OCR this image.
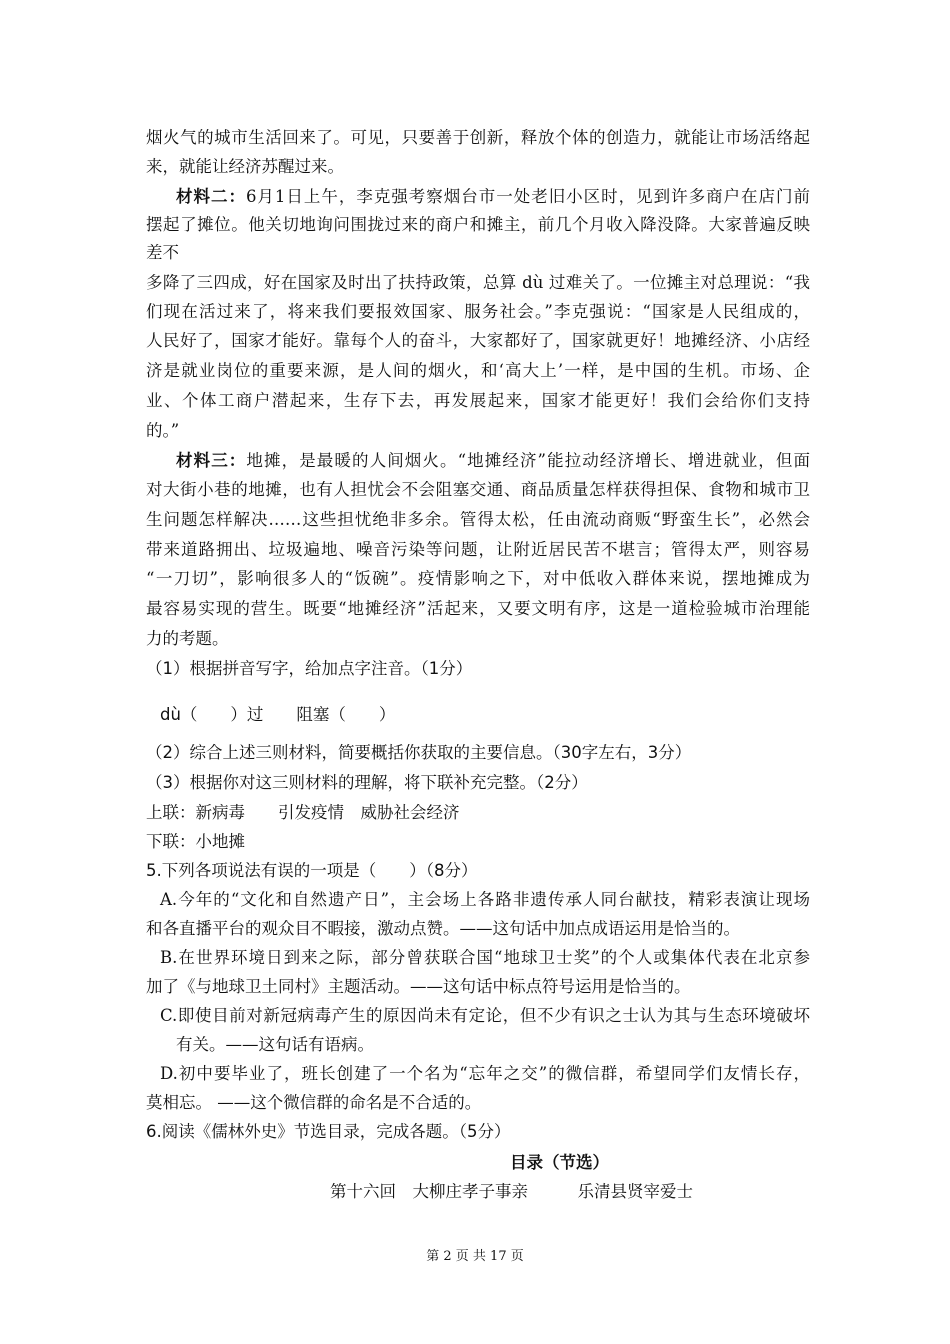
烟火气的城市生活回来了。可见，只要善于创新，释放个体的创造力，就能让市场活络起
来，就能让经济苏醒过来。
材料二：6月1日上午，李克强考察烟台市一处老旧小区时，见到许多商户在店门前
摆起了摊位。他关切地询问围拢过来的商户和摊主，前几个月收入降没降。大家普遍反映
差不
多降了三四成，好在国家及时出了扶持政策，总算 dù 过难关了。一位摊主对总理说：“我
们现在活过来了，将来我们要报效国家、服务社会。”李克强说：“国家是人民组成的，
人民好了，国家才能好。靠每个人的奋斗，大家都好了，国家就更好！地摊经济、小店经
济是就业岗位的重要来源，是人间的烟火，和‘高大上’一样，是中国的生机。市场、企
业、个体工商户潜起来，生存下去，再发展起来，国家才能更好！我们会给你们支持
的。”
材料三：地摊，是最暖的人间烟火。“地摊经济”能拉动经济增长、增进就业，但面
对大街小巷的地摊，也有人担忧会不会阻塞交通、商品质量怎样获得担保、食物和城市卫
生问题怎样解决……这些担忧绝非多余。管得太松，任由流动商贩“野蛮生长”，必然会
带来道路拥出、垃圾遍地、噪音污染等问题，让附近居民苦不堪言；管得太严，则容易
“一刀切”，影响很多人的“饭碗”。疫情影响之下，对中低收入群体来说，摆地摊成为
最容易实现的营生。既要“地摊经济”活起来，又要文明有序，这是一道检验城市治理能
力的考题。
（1）根据拼音写字，给加点字注音。（1分）
dù（　　）过　　阻塞（　　）
（2）综合上述三则材料，简要概括你获取的主要信息。（30字左右，3分）
（3）根据你对这三则材料的理解，将下联补充完整。（2分）
上联：新病毒　　引发疫情　威胁社会经济
下联：小地摊
5.下列各项说法有误的一项是（　　）（8分）
A.今年的“文化和自然遗产日”，主会场上各路非遗传承人同台献技，精彩表演让现场
和各直播平台的观众目不暇接，激动点赞。——这句话中加点成语运用是恰当的。
B.在世界环境日到来之际，部分曾获联合国“地球卫士奖”的个人或集体代表在北京参
加了《与地球卫土同村》主题活动。——这句话中标点符号运用是恰当的。
C.即使目前对新冠病毒产生的原因尚未有定论，但不少有识之士认为其与生态环境破坏
有关。——这句话有语病。
D.初中要毕业了，班长创建了一个名为“忘年之交”的微信群，希望同学们友情长存，
莫相忘。 ——这个微信群的命名是不合适的。
6.阅读《儒林外史》节选目录，完成各题。（5分）
目录（节选）
第十六回　大柳庄孝子事亲　　　乐清县贤宰爱士
第 2 页 共 17 页
